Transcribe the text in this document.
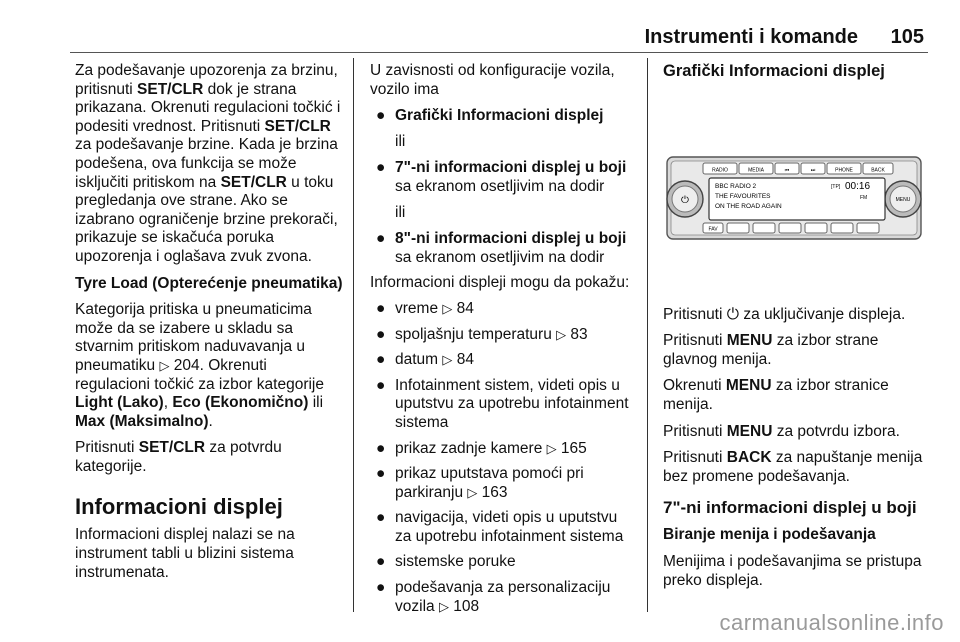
Instrumenti i komande 105

Za podešavanje upozorenja za brzinu, pritisnuti SET/CLR dok je strana prikazana. Okrenuti regulacioni točkić i podesiti vrednost. Pritisnuti SET/CLR za podešavanje brzine. Kada je brzina podešena, ova funkcija se može isključiti pritiskom na SET/CLR u toku pregledanja ove strane. Ako se izabrano ograničenje brzine prekorači, prikazuje se iskačuća poruka upozorenja i oglašava zvuk zvona.

Tyre Load (Opterećenje pneumatika)

Kategorija pritiska u pneumaticima može da se izabere u skladu sa stvarnim pritiskom naduvavanja u pneumatiku ▷ 204. Okrenuti regulacioni točkić za izbor kategorije Light (Lako), Eco (Ekonomično) ili Max (Maksimalno).

Pritisnuti SET/CLR za potvrdu kategorije.

Informacioni displej

Informacioni displej nalazi se na instrument tabli u blizini sistema instrumenata.

U zavisnosti od konfiguracije vozila, vozilo ima

● Grafički Informacioni displej

ili

● 7"-ni informacioni displej u boji sa ekranom osetljivim na dodir

ili

● 8"-ni informacioni displej u boji sa ekranom osetljivim na dodir

Informacioni displeji mogu da pokažu:

● vreme ▷ 84
● spoljašnju temperaturu ▷ 83
● datum ▷ 84
● Infotainment sistem, videti opis u uputstvu za upotrebu infotainment sistema
● prikaz zadnje kamere ▷ 165
● prikaz uputstava pomoći pri parkiranju ▷ 163
● navigacija, videti opis u uputstvu za upotrebu infotainment sistema
● sistemske poruke
● podešavanja za personalizaciju vozila ▷ 108
Grafički Informacioni displej
RADIO	MEDIA	⏮	⏭	PHONE	BACK
⏻	MENU
BBC RADIO 2
THE FAVOURITES
ON THE ROAD AGAIN
[TP] 00:16
FM
FAV

Pritisnuti ⏻ za uključivanje displeja.

Pritisnuti MENU za izbor strane glavnog menija.

Okrenuti MENU za izbor stranice menija.

Pritisnuti MENU za potvrdu izbora.

Pritisnuti BACK za napuštanje menija bez promene podešavanja.

7"-ni informacioni displej u boji

Biranje menija i podešavanja

Menijima i podešavanjima se pristupa preko displeja.

carmanualsonline.info
